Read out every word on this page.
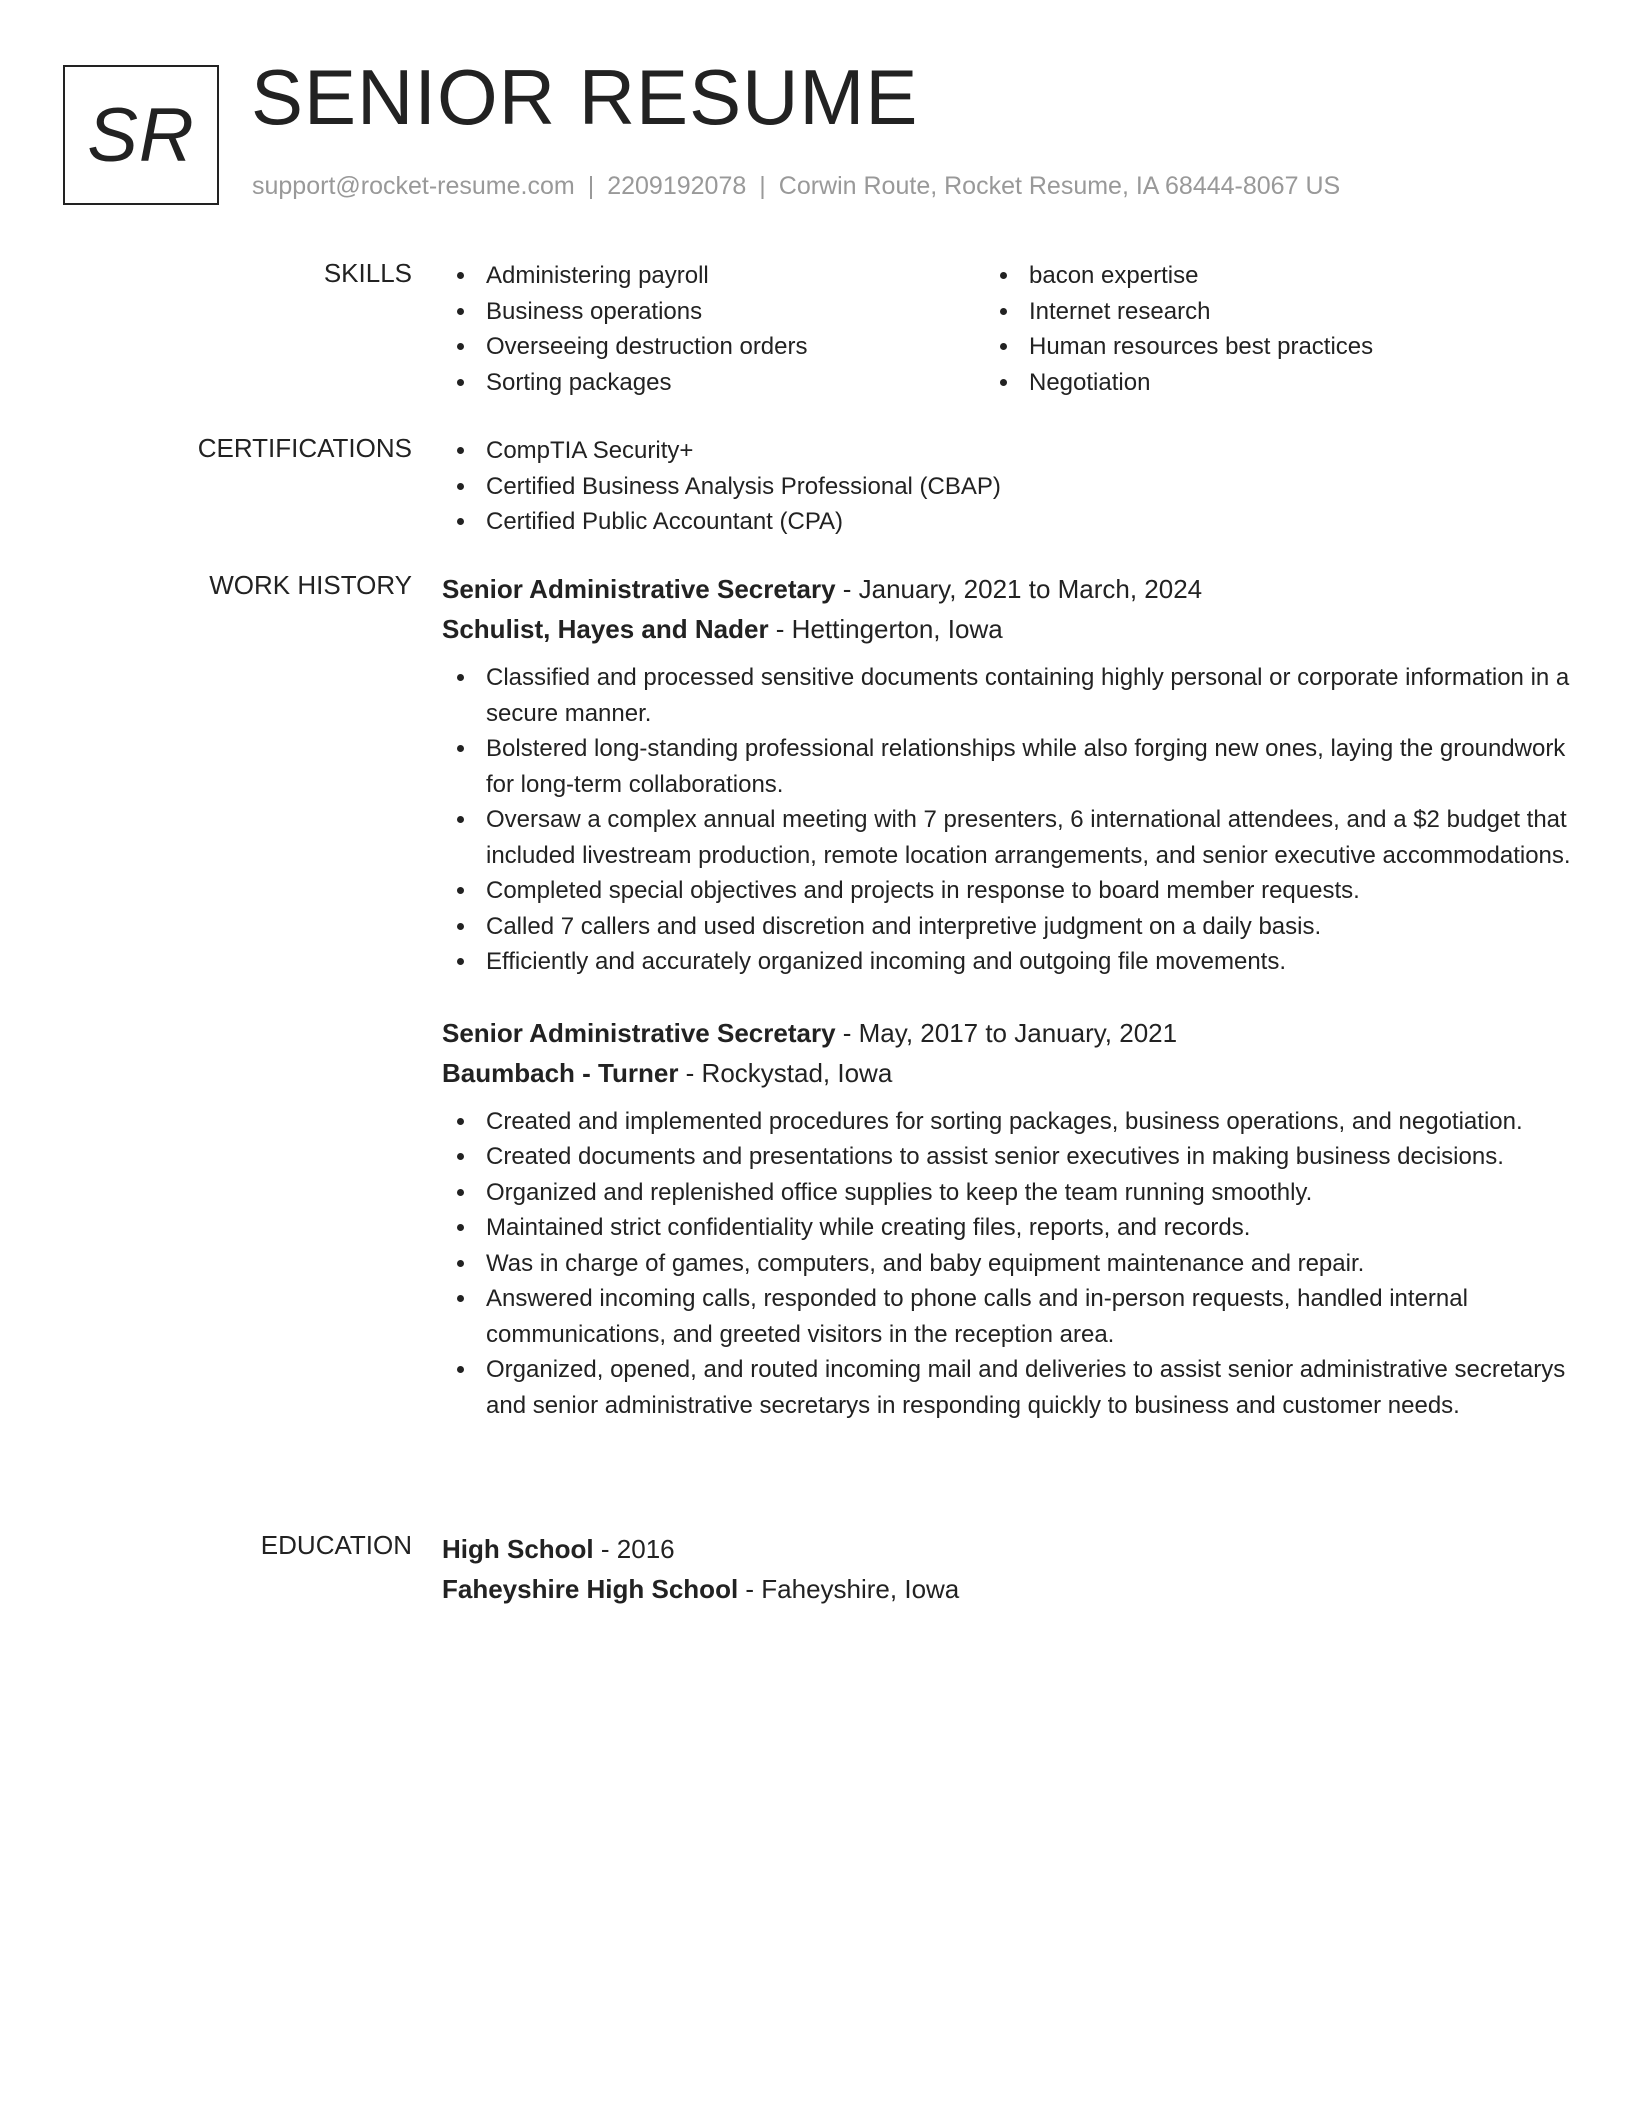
SR SENIOR RESUME
support@rocket-resume.com | 2209192078 | Corwin Route, Rocket Resume, IA 68444-8067 US
SKILLS	Administering payroll
Business operations
Overseeing destruction orders
Sorting packages
bacon expertise
Internet research
Human resources best practices
Negotiation
CERTIFICATIONS	CompTIA Security+
Certified Business Analysis Professional (CBAP)
Certified Public Accountant (CPA)
WORK HISTORY Senior Administrative Secretary - January, 2021 to March, 2024

Schulist, Hayes and Nader - Hettingerton, Iowa

Classified and processed sensitive documents containing highly personal or corporate information in a secure manner.
Bolstered long-standing professional relationships while also forging new ones, laying the groundwork for long-term collaborations.
Oversaw a complex annual meeting with 7 presenters, 6 international attendees, and a $2 budget that included livestream production, remote location arrangements, and senior executive accommodations.
Completed special objectives and projects in response to board member requests.
Called 7 callers and used discretion and interpretive judgment on a daily basis.
Efficiently and accurately organized incoming and outgoing file movements.

Senior Administrative Secretary - May, 2017 to January, 2021

Baumbach - Turner - Rockystad, Iowa

Created and implemented procedures for sorting packages, business operations, and negotiation.
Created documents and presentations to assist senior executives in making business decisions.
Organized and replenished office supplies to keep the team running smoothly.
Maintained strict confidentiality while creating files, reports, and records.
Was in charge of games, computers, and baby equipment maintenance and repair.
Answered incoming calls, responded to phone calls and in-person requests, handled internal communications, and greeted visitors in the reception area.
Organized, opened, and routed incoming mail and deliveries to assist senior administrative secretarys and senior administrative secretarys in responding quickly to business and customer needs.
EDUCATION High School - 2016

Faheyshire High School - Faheyshire, Iowa
